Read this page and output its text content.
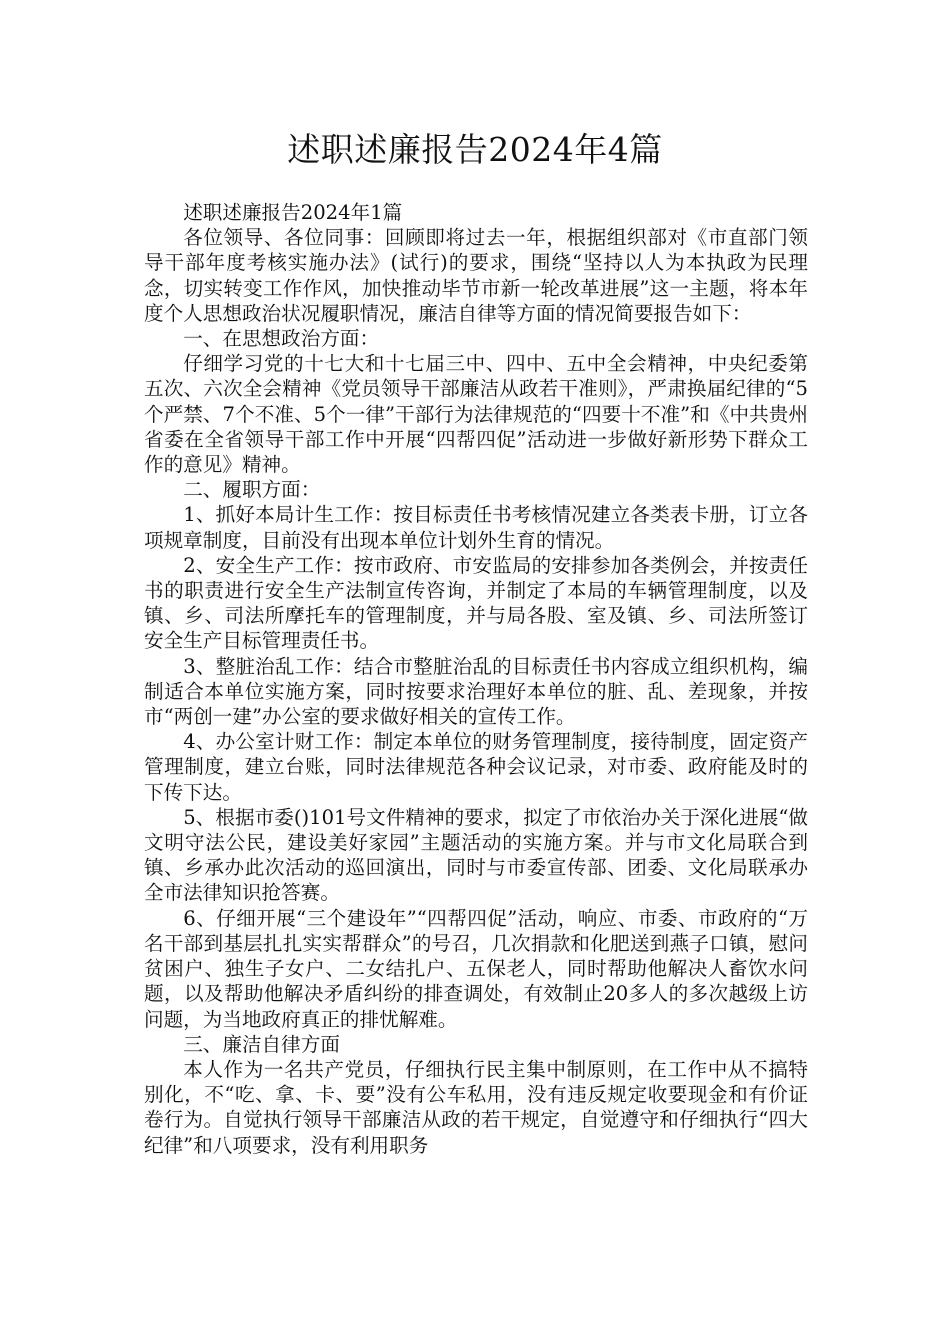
述职述廉报告2024年4篇

述职述廉报告2024年1篇

各位领导、各位同事：回顾即将过去一年，根据组织部对《市直部门领导干部年度考核实施办法》(试行)的要求，围绕“坚持以人为本执政为民理念，切实转变工作作风，加快推动毕节市新一轮改革进展”这一主题，将本年度个人思想政治状况履职情况，廉洁自律等方面的情况简要报告如下：

一、在思想政治方面：

仔细学习党的十七大和十七届三中、四中、五中全会精神，中央纪委第五次、六次全会精神《党员领导干部廉洁从政若干准则》，严肃换届纪律的“5个严禁、7个不准、5个一律”干部行为法律规范的“四要十不准”和《中共贵州省委在全省领导干部工作中开展“四帮四促”活动进一步做好新形势下群众工作的意见》精神。

二、履职方面：

1、抓好本局计生工作：按目标责任书考核情况建立各类表卡册，订立各项规章制度，目前没有出现本单位计划外生育的情况。

2、安全生产工作：按市政府、市安监局的安排参加各类例会，并按责任书的职责进行安全生产法制宣传咨询，并制定了本局的车辆管理制度，以及镇、乡、司法所摩托车的管理制度，并与局各股、室及镇、乡、司法所签订安全生产目标管理责任书。

3、整脏治乱工作：结合市整脏治乱的目标责任书内容成立组织机构，编制适合本单位实施方案，同时按要求治理好本单位的脏、乱、差现象，并按市“两创一建”办公室的要求做好相关的宣传工作。

4、办公室计财工作：制定本单位的财务管理制度，接待制度，固定资产管理制度，建立台账，同时法律规范各种会议记录，对市委、政府能及时的下传下达。

5、根据市委()101号文件精神的要求，拟定了市依治办关于深化进展“做文明守法公民，建设美好家园”主题活动的实施方案。并与市文化局联合到镇、乡承办此次活动的巡回演出，同时与市委宣传部、团委、文化局联承办全市法律知识抢答赛。

6、仔细开展“三个建设年”“四帮四促”活动，响应、市委、市政府的“万名干部到基层扎扎实实帮群众”的号召，几次捐款和化肥送到燕子口镇，慰问贫困户、独生子女户、二女结扎户、五保老人，同时帮助他解决人畜饮水问题，以及帮助他解决矛盾纠纷的排查调处，有效制止20多人的多次越级上访问题，为当地政府真正的排忧解难。

三、廉洁自律方面

本人作为一名共产党员，仔细执行民主集中制原则，在工作中从不搞特别化，不“吃、拿、卡、要”没有公车私用，没有违反规定收要现金和有价证卷行为。自觉执行领导干部廉洁从政的若干规定，自觉遵守和仔细执行“四大纪律”和八项要求，没有利用职务
